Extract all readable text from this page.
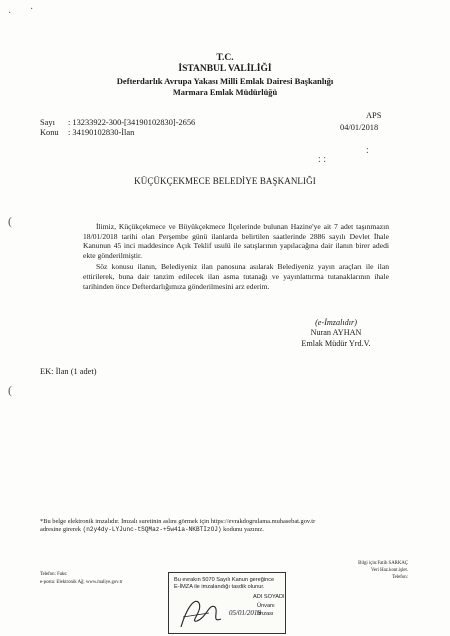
· ·
(
(
: :
:
T.C.
İSTANBUL VALİLİĞİ
Defterdarlık Avrupa Yakası Milli Emlak Dairesi Başkanlığı
Marmara Emlak Müdürlüğü
APS
04/01/2018
Sayı : 13233922-300-[34190102830]-2656
Konu : 34190102830-İlan
KÜÇÜKÇEKMECE BELEDİYE BAŞKANLIĞI

İlimiz, Küçükçekmece ve Büyükçekmece İlçelerinde bulunan Hazine'ye ait 7 adet taşınmazın 18/01/2018 tarihi olan Perşembe günü ilanlarda belirtilen saatlerinde 2886 sayılı Devlet İhale Kanunun 45 inci maddesince Açık Teklif usulü ile satışlarının yapılacağına dair ilanın birer adedi ekte gönderilmiştir.

Söz konusu ilanın, Belediyeniz ilan panosuna asılarak Belediyeniz yayın araçları ile ilan ettirilerek, buna dair tanzim edilecek ilan asma tutanağı ve yayınlattırma tutanaklarının ihale tarihinden önce Defterdarlığımıza gönderilmesini arz ederim.

(e-İmzalıdır)
Nuran AYHAN
Emlak Müdür Yrd.V.
EK: İlan (1 adet)
*Bu belge elektronik imzalıdır. İmzalı suretinin aslını görmek için https://evrakdogrulama.muhasebat.gov.tr
adresine girerek (n2y4dy-LYJunc-tSQMaz-+5w41a-NKBTIzOJ) kodunu yazınız.
Telefon: Faks:
e-posta: Elektronik Ağ: www.maliye.gov.tr
Bilgi için:Fatih SARKAÇ
Veri Haz.kont.işlet.
Telefon:
Bu evrakın 5070 Sayılı Kanun gereğince
E-İMZA ile imzalandığı tasdik olunur.
05/01/2018
ADI SOYADI
Ünvanı
İmzası
